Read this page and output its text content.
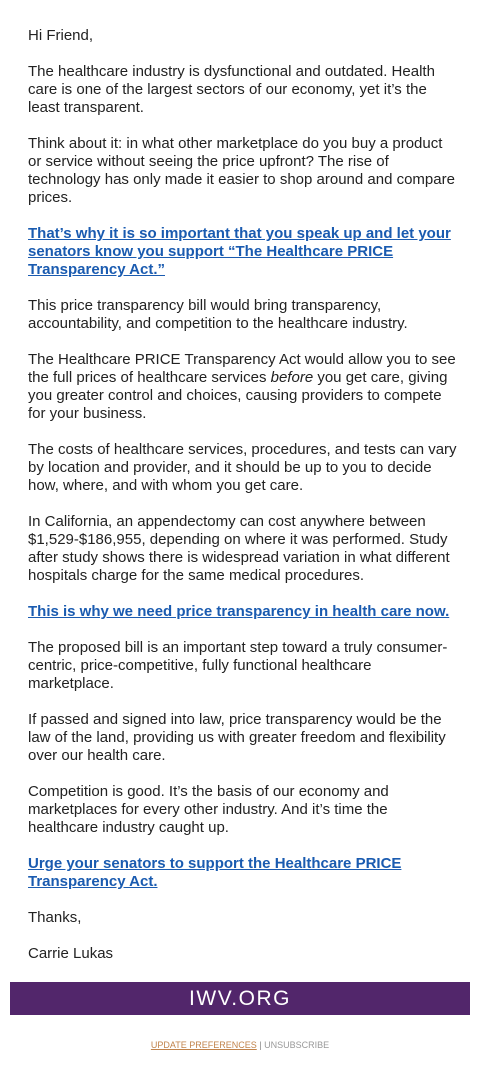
Hi Friend,

The healthcare industry is dysfunctional and outdated. Health care is one of the largest sectors of our economy, yet it’s the least transparent.

Think about it: in what other marketplace do you buy a product or service without seeing the price upfront? The rise of technology has only made it easier to shop around and compare prices.

That’s why it is so important that you speak up and let your senators know you support “The Healthcare PRICE Transparency Act.”

This price transparency bill would bring transparency, accountability, and competition to the healthcare industry.

The Healthcare PRICE Transparency Act would allow you to see the full prices of healthcare services before you get care, giving you greater control and choices, causing providers to compete for your business.

The costs of healthcare services, procedures, and tests can vary by location and provider, and it should be up to you to decide how, where, and with whom you get care.

In California, an appendectomy can cost anywhere between $1,529-$186,955, depending on where it was performed. Study after study shows there is widespread variation in what different hospitals charge for the same medical procedures.

This is why we need price transparency in health care now.

The proposed bill is an important step toward a truly consumer-centric, price-competitive, fully functional healthcare marketplace.

If passed and signed into law, price transparency would be the law of the land, providing us with greater freedom and flexibility over our health care.

Competition is good. It’s the basis of our economy and marketplaces for every other industry. And it’s time the healthcare industry caught up.

Urge your senators to support the Healthcare PRICE Transparency Act.

Thanks,

Carrie Lukas

IWV.ORG
UPDATE PREFERENCES | UNSUBSCRIBE
